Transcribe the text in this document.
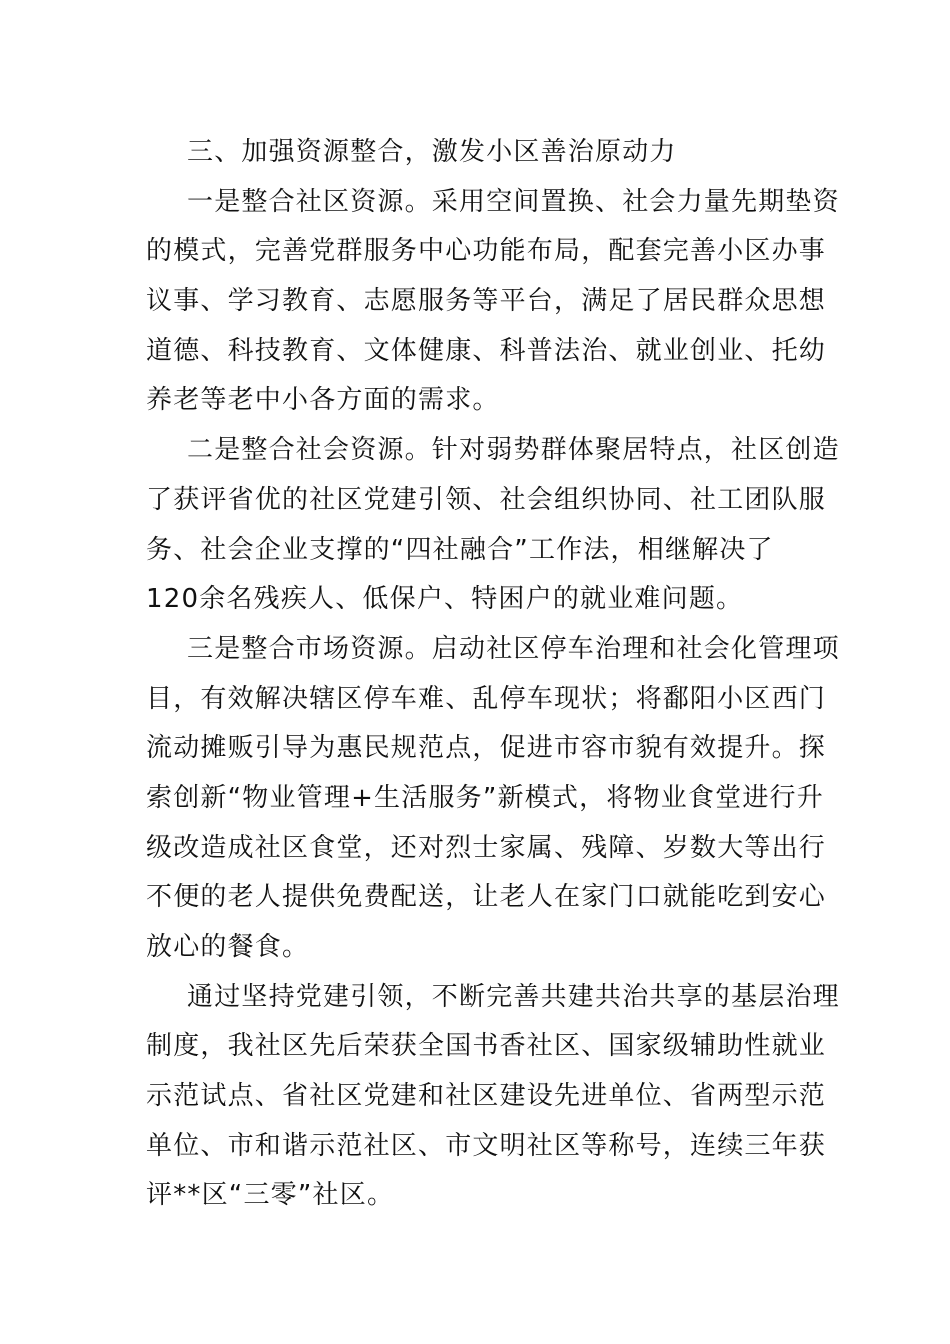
三、加强资源整合，激发小区善治原动力
一是整合社区资源。采用空间置换、社会力量先期垫资
的模式，完善党群服务中心功能布局，配套完善小区办事
议事、学习教育、志愿服务等平台，满足了居民群众思想
道德、科技教育、文体健康、科普法治、就业创业、托幼
养老等老中小各方面的需求。
二是整合社会资源。针对弱势群体聚居特点，社区创造
了获评省优的社区党建引领、社会组织协同、社工团队服
务、社会企业支撑的“四社融合”工作法，相继解决了
120余名残疾人、低保户、特困户的就业难问题。
三是整合市场资源。启动社区停车治理和社会化管理项
目，有效解决辖区停车难、乱停车现状；将鄱阳小区西门
流动摊贩引导为惠民规范点，促进市容市貌有效提升。探
索创新“物业管理+生活服务”新模式，将物业食堂进行升
级改造成社区食堂，还对烈士家属、残障、岁数大等出行
不便的老人提供免费配送，让老人在家门口就能吃到安心
放心的餐食。
通过坚持党建引领，不断完善共建共治共享的基层治理
制度，我社区先后荣获全国书香社区、国家级辅助性就业
示范试点、省社区党建和社区建设先进单位、省两型示范
单位、市和谐示范社区、市文明社区等称号，连续三年获
评**区“三零”社区。
